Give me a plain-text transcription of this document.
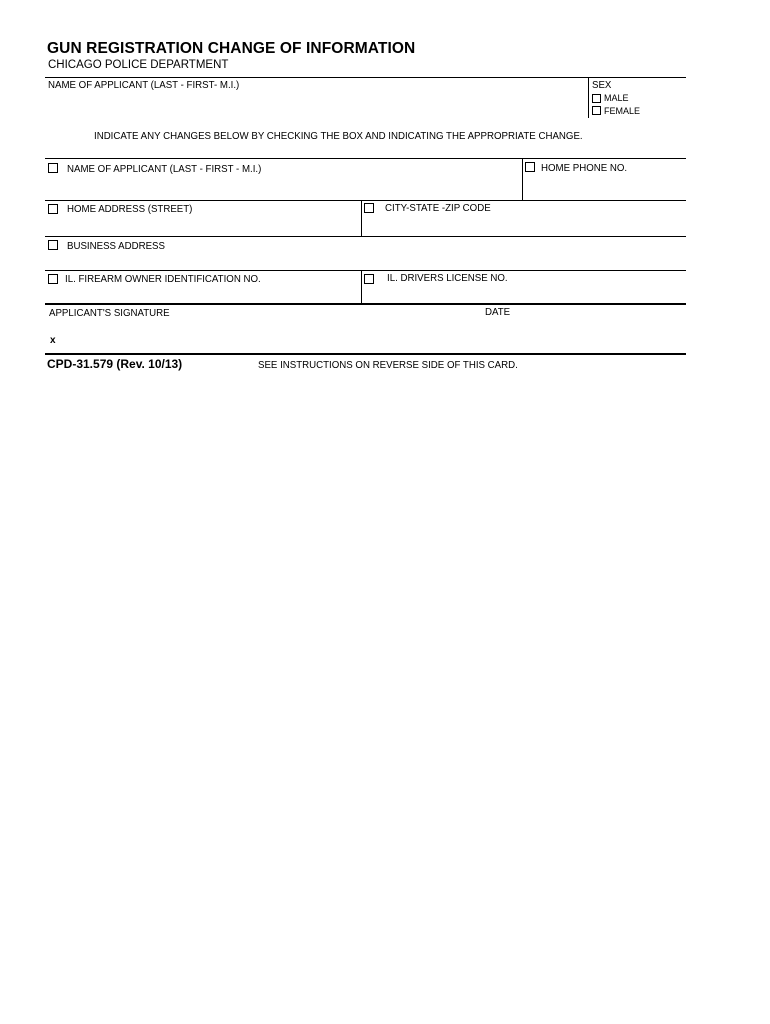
GUN REGISTRATION CHANGE OF INFORMATION
CHICAGO POLICE DEPARTMENT
NAME OF APPLICANT (LAST - FIRST- M.I.)	SEX
MALE
FEMALE
INDICATE ANY CHANGES BELOW BY CHECKING THE BOX AND INDICATING THE APPROPRIATE CHANGE.
NAME OF APPLICANT (LAST - FIRST - M.I.)	HOME PHONE NO.
HOME ADDRESS (STREET)	CITY-STATE -ZIP CODE
BUSINESS ADDRESS
IL. FIREARM OWNER IDENTIFICATION NO.	IL. DRIVERS LICENSE NO.
APPLICANT'S SIGNATURE	DATE
x
CPD-31.579 (Rev. 10/13)	SEE INSTRUCTIONS ON REVERSE SIDE OF THIS CARD.
